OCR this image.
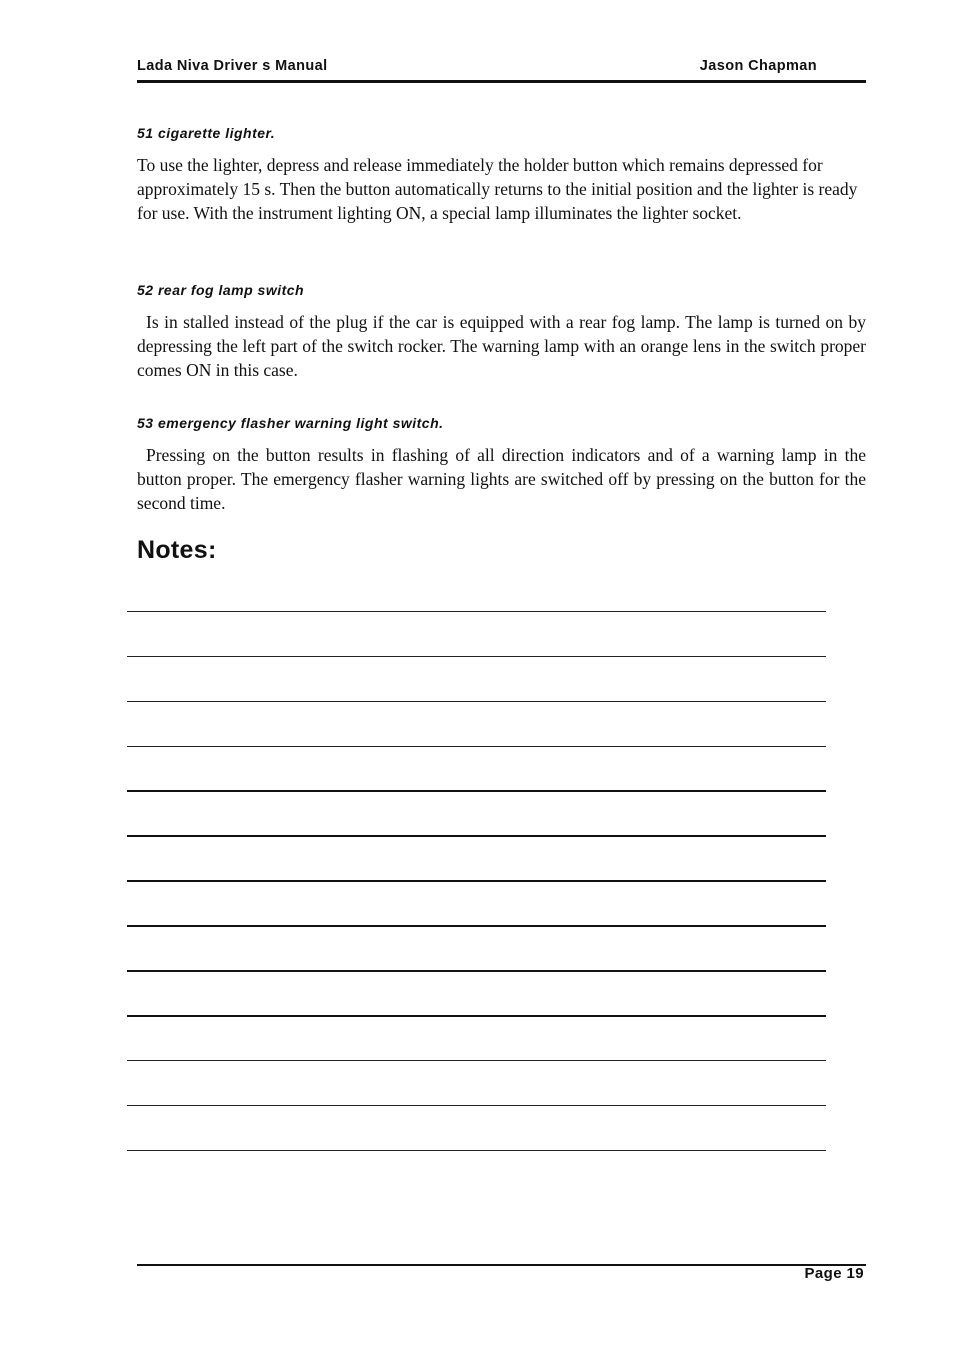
Lada Niva Driver s Manual	Jason Chapman
51 cigarette lighter.

To use the lighter, depress and release immediately the holder button which remains depressed for approximately 15 s. Then the button automatically returns to the initial position and the lighter is ready for use. With the instrument lighting ON, a special lamp illuminates the lighter socket.

52 rear fog lamp switch

Is in stalled instead of the plug if the car is equipped with a rear fog lamp. The lamp is turned on by depressing the left part of the switch rocker. The warning lamp with an orange lens in the switch proper comes ON in this case.

53 emergency flasher warning light switch.

Pressing on the button results in flashing of all direction indicators and of a warning lamp in the button proper. The emergency flasher warning lights are switched off by pressing on the button for the second time.

Notes:
Page 19
